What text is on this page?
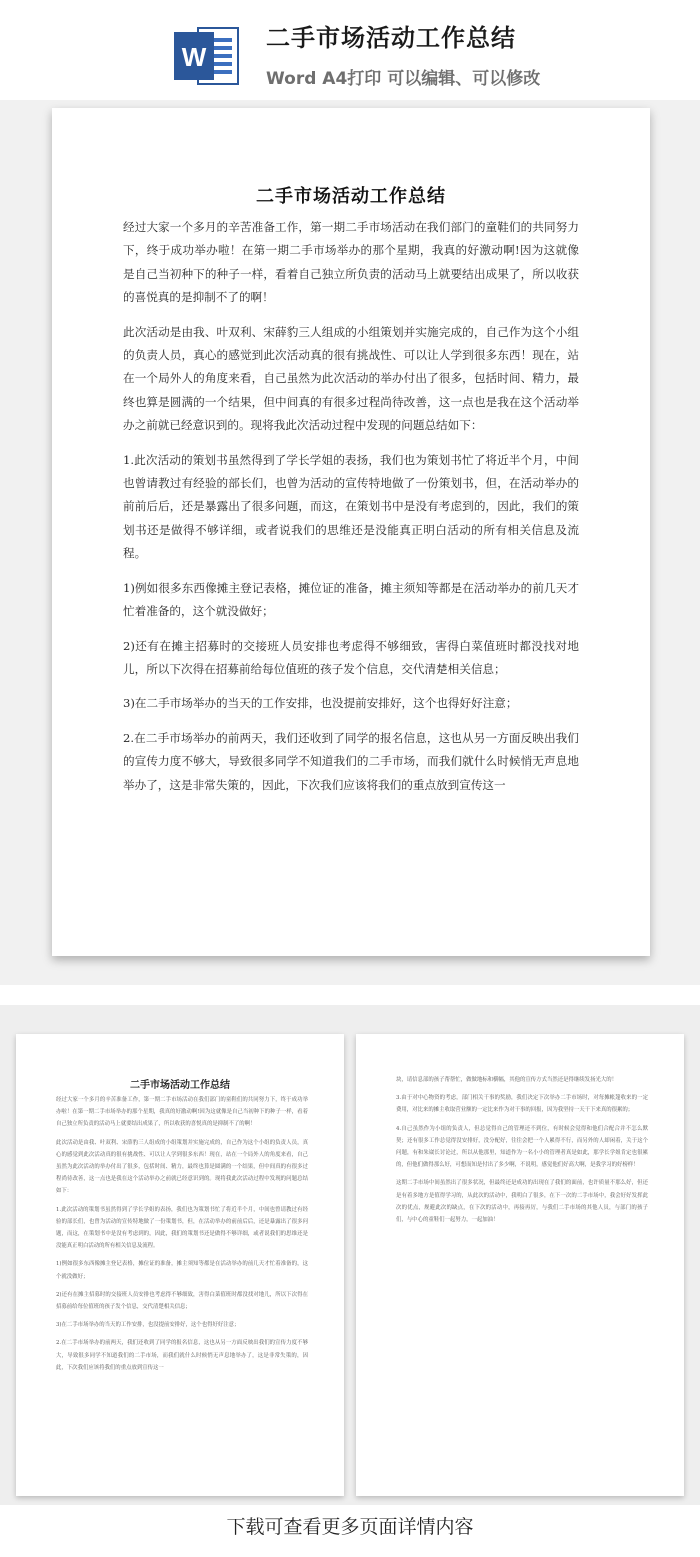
W
二手市场活动工作总结
Word A4打印 可以编辑、可以修改
二手市场活动工作总结

经过大家一个多月的辛苦准备工作，第一期二手市场活动在我们部门的童鞋们的共同努力下，终于成功举办啦！在第一期二手市场举办的那个星期，我真的好激动啊!因为这就像是自己当初种下的种子一样，看着自己独立所负责的活动马上就要结出成果了，所以收获的喜悦真的是抑制不了的啊！

此次活动是由我、叶双利、宋薛豹三人组成的小组策划并实施完成的，自己作为这个小组的负责人员，真心的感觉到此次活动真的很有挑战性、可以让人学到很多东西！现在，站在一个局外人的角度来看，自己虽然为此次活动的举办付出了很多，包括时间、精力，最终也算是圆满的一个结果，但中间真的有很多过程尚待改善，这一点也是我在这个活动举办之前就已经意识到的。现将我此次活动过程中发现的问题总结如下：

1.此次活动的策划书虽然得到了学长学姐的表扬，我们也为策划书忙了将近半个月，中间也曾请教过有经验的部长们，也曾为活动的宣传特地做了一份策划书，但，在活动举办的前前后后，还是暴露出了很多问题，而这，在策划书中是没有考虑到的，因此，我们的策划书还是做得不够详细，或者说我们的思维还是没能真正明白活动的所有相关信息及流程。

1)例如很多东西像摊主登记表格，摊位证的准备，摊主须知等都是在活动举办的前几天才忙着准备的，这个就没做好；

2)还有在摊主招募时的交接班人员安排也考虑得不够细致，害得白菜值班时都没找对地儿，所以下次得在招募前给每位值班的孩子发个信息，交代清楚相关信息；

3)在二手市场举办的当天的工作安排，也没提前安排好，这个也得好好注意；

2.在二手市场举办的前两天，我们还收到了同学的报名信息，这也从另一方面反映出我们的宣传力度不够大，导致很多同学不知道我们的二手市场，而我们就什么时候悄无声息地举办了，这是非常失策的，因此，下次我们应该将我们的重点放到宣传这一

二手市场活动工作总结

经过大家一个多月的辛苦准备工作，第一期二手市场活动在我们部门的童鞋们的共同努力下，终于成功举办啦！在第一期二手市场举办的那个星期，我真的好激动啊!因为这就像是自己当初种下的种子一样，看着自己独立所负责的活动马上就要结出成果了，所以收获的喜悦真的是抑制不了的啊！

此次活动是由我、叶双利、宋薛豹三人组成的小组策划并实施完成的，自己作为这个小组的负责人员，真心的感觉到此次活动真的很有挑战性、可以让人学到很多东西！现在，站在一个局外人的角度来看，自己虽然为此次活动的举办付出了很多，包括时间、精力，最终也算是圆满的一个结果，但中间真的有很多过程尚待改善，这一点也是我在这个活动举办之前就已经意识到的。现将我此次活动过程中发现的问题总结如下：

1.此次活动的策划书虽然得到了学长学姐的表扬，我们也为策划书忙了将近半个月，中间也曾请教过有经验的部长们，也曾为活动的宣传特地做了一份策划书，但，在活动举办的前前后后，还是暴露出了很多问题，而这，在策划书中是没有考虑到的，因此，我们的策划书还是做得不够详细，或者说我们的思维还是没能真正明白活动的所有相关信息及流程。

1)例如很多东西像摊主登记表格，摊位证的准备，摊主须知等都是在活动举办的前几天才忙着准备的，这个就没做好；

2)还有在摊主招募时的交接班人员安排也考虑得不够细致，害得白菜值班时都没找对地儿，所以下次得在招募前给每位值班的孩子发个信息，交代清楚相关信息；

3)在二手市场举办的当天的工作安排，也没提前安排好，这个也得好好注意；

2.在二手市场举办的前两天，我们还收到了同学的报名信息，这也从另一方面反映出我们的宣传力度不够大，导致很多同学不知道我们的二手市场，而我们就什么时候悄无声息地举办了，这是非常失策的，因此，下次我们应该将我们的重点放到宣传这一

块，请信息部的孩子帮帮忙，做做地标和横幅，其他的宣传方式当然还是得继续发扬光大的！

3.由于对中心物资的考虑，部门相关干事的奖励，我们决定下次举办二手市场时，对每摊帐篷收来的一定费用，对比来的摊主收取营业额的一定比来作为对干事的回报，因为我坚持一天干下来真的很累的；

4.自己虽然作为小组的负责人，但总觉得自己的管理还不到位，有时候会觉得和他们合配合并不怎么默契；还有很多工作总觉得没安排好，没分配好，往往会把一个人累得不行，而另外的人却闲着，关于这个问题，有和朱崴长讨论过，所以从他那里，知道作为一名小小的管理者真是如此，那学长学姐肯定也很累的，但他们做得那么好，可想而知是付出了多少啊，不说明，感觉他们好高大啊，是我学习的好榜样！

这期二手市场中间虽然出了很多状况，但最终还是成功的出现在了我们的面前，也许质量不那么好，但还是有着多地方是值得学习的，从此次的活动中，我明白了很多，在下一次的二手市场中，我会好好发挥此次的优点，规避此次的缺点，在下次的活动中，再接再厉，与我们二手市场的其他人员，与部门的孩子们，与中心的童鞋们一起努力，一起加油！

下载可查看更多页面详情内容
